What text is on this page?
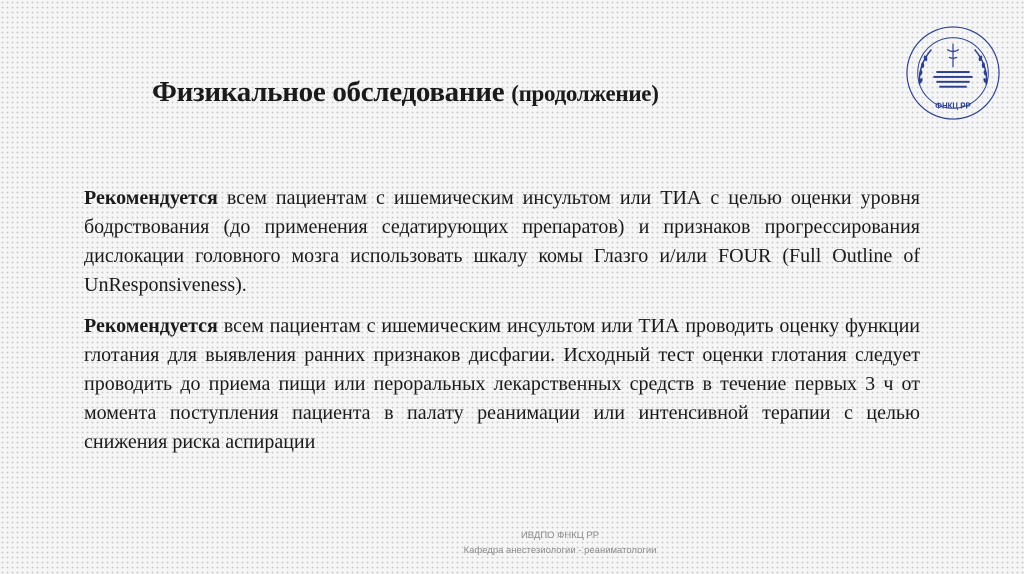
Физикальное обследование (продолжение)	ФНКЦ РР

Рекомендуется всем пациентам с ишемическим инсультом или ТИА с целью оценки уровня бодрствования (до применения седатирующих препаратов) и признаков прогрессирования дислокации головного мозга использовать шкалу комы Глазго и/или FOUR (Full Outline of UnResponsiveness).

Рекомендуется всем пациентам с ишемическим инсультом или ТИА проводить оценку функции глотания для выявления ранних признаков дисфагии. Исходный тест оценки глотания следует проводить до приема пищи или пероральных лекарственных средств в течение первых 3 ч от момента поступления пациента в палату реанимации или интенсивной терапии с целью снижения риска аспирации

ИВДПО ФНКЦ РР
Кафедра анестезиологии - реаниматологии
